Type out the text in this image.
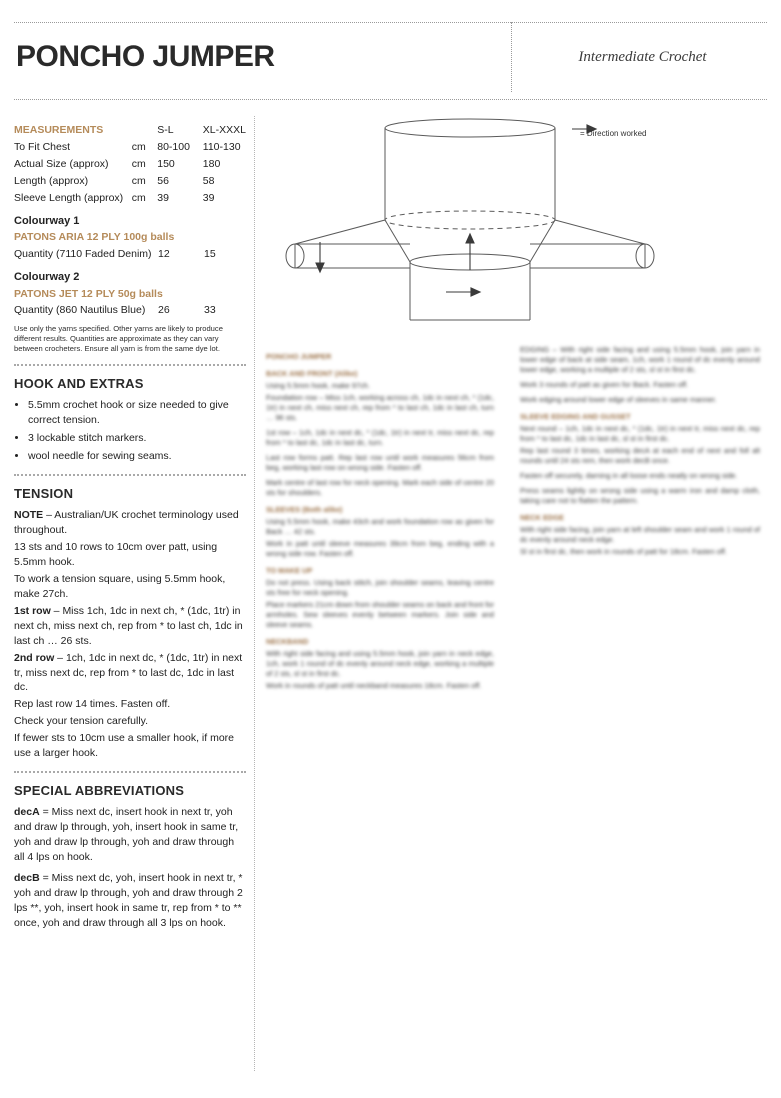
PONCHO JUMPER	Intermediate Crochet
MEASUREMENTS		S-L	XL-XXXL
To Fit Chest	cm	80-100	110-130
Actual Size (approx)	cm	150	180
Length (approx)	cm	56	58
Sleeve Length (approx)	cm	39	39
Colourway 1
PATONS ARIA 12 PLY 100g balls
Quantity (7110 Faded Denim)	12	15
Colourway 2
PATONS JET 12 PLY 50g balls
Quantity (860 Nautilus Blue)	26	33
Use only the yarns specified. Other yarns are likely to produce different results. Quantities are approximate as they can vary between crocheters. Ensure all yarn is from the same dye lot.
HOOK AND EXTRAS
• 5.5mm crochet hook or size needed to give correct tension.
• 3 lockable stitch markers.
• wool needle for sewing seams.
TENSION
NOTE – Australian/UK crochet terminology used throughout.
13 sts and 10 rows to 10cm over patt, using 5.5mm hook.
To work a tension square, using 5.5mm hook, make 27ch.
1st row – Miss 1ch, 1dc in next ch, * (1dc, 1tr) in next ch, miss next ch, rep from * to last ch, 1dc in last ch … 26 sts.
2nd row – 1ch, 1dc in next dc, * (1dc, 1tr) in next tr, miss next dc, rep from * to last dc, 1dc in last dc.
Rep last row 14 times. Fasten off.
Check your tension carefully.
If fewer sts to 10cm use a smaller hook, if more use a larger hook.
SPECIAL ABBREVIATIONS
decA = Miss next dc, insert hook in next tr, yoh and draw lp through, yoh, insert hook in same tr, yoh and draw lp through, yoh and draw through all 4 lps on hook.
decB = Miss next dc, yoh, insert hook in next tr, * yoh and draw lp through, yoh and draw through 2 lps **, yoh, insert hook in same tr, rep from * to ** once, yoh and draw through all 3 lps on hook.
= Direction worked
PONCHO JUMPER
BACK AND FRONT (Alike)

Using 5.5mm hook, make 97ch.

Foundation row – Miss 1ch, working across ch, 1dc in next ch, * (1dc, 1tr) in next ch, miss next ch, rep from * to last ch, 1dc in last ch, turn … 96 sts.

1st row – 1ch, 1dc in next dc, * (1dc, 1tr) in next tr, miss next dc, rep from * to last dc, 1dc in last dc, turn.

Last row forms patt. Rep last row until work measures 56cm from beg, working last row on wrong side. Fasten off.

Mark centre of last row for neck opening. Mark each side of centre 20 sts for shoulders.

SLEEVES (Both alike)

Using 5.5mm hook, make 43ch and work foundation row as given for Back … 42 sts.

Work in patt until sleeve measures 39cm from beg, ending with a wrong side row. Fasten off.

TO MAKE UP

Do not press. Using back stitch, join shoulder seams, leaving centre sts free for neck opening.

Place markers 21cm down from shoulder seams on back and front for armholes. Sew sleeves evenly between markers. Join side and sleeve seams.

NECKBAND

With right side facing and using 5.5mm hook, join yarn in neck edge, 1ch, work 1 round of dc evenly around neck edge, working a multiple of 2 sts, sl st in first dc.

Work in rounds of patt until neckband measures 18cm. Fasten off.

EDGING – With right side facing and using 5.5mm hook, join yarn in lower edge of back at side seam, 1ch, work 1 round of dc evenly around lower edge, working a multiple of 2 sts, sl st in first dc.

Work 3 rounds of patt as given for Back. Fasten off.

Work edging around lower edge of sleeves in same manner.

SLEEVE EDGING AND GUSSET

Next round – 1ch, 1dc in next dc, * (1dc, 1tr) in next tr, miss next dc, rep from * to last dc, 1dc in last dc, sl st in first dc.

Rep last round 3 times, working decA at each end of next and foll alt rounds until 24 sts rem, then work decB once.

Fasten off securely, darning in all loose ends neatly on wrong side.

Press seams lightly on wrong side using a warm iron and damp cloth, taking care not to flatten the pattern.

NECK EDGE

With right side facing, join yarn at left shoulder seam and work 1 round of dc evenly around neck edge.

Sl st in first dc, then work in rounds of patt for 18cm. Fasten off.
